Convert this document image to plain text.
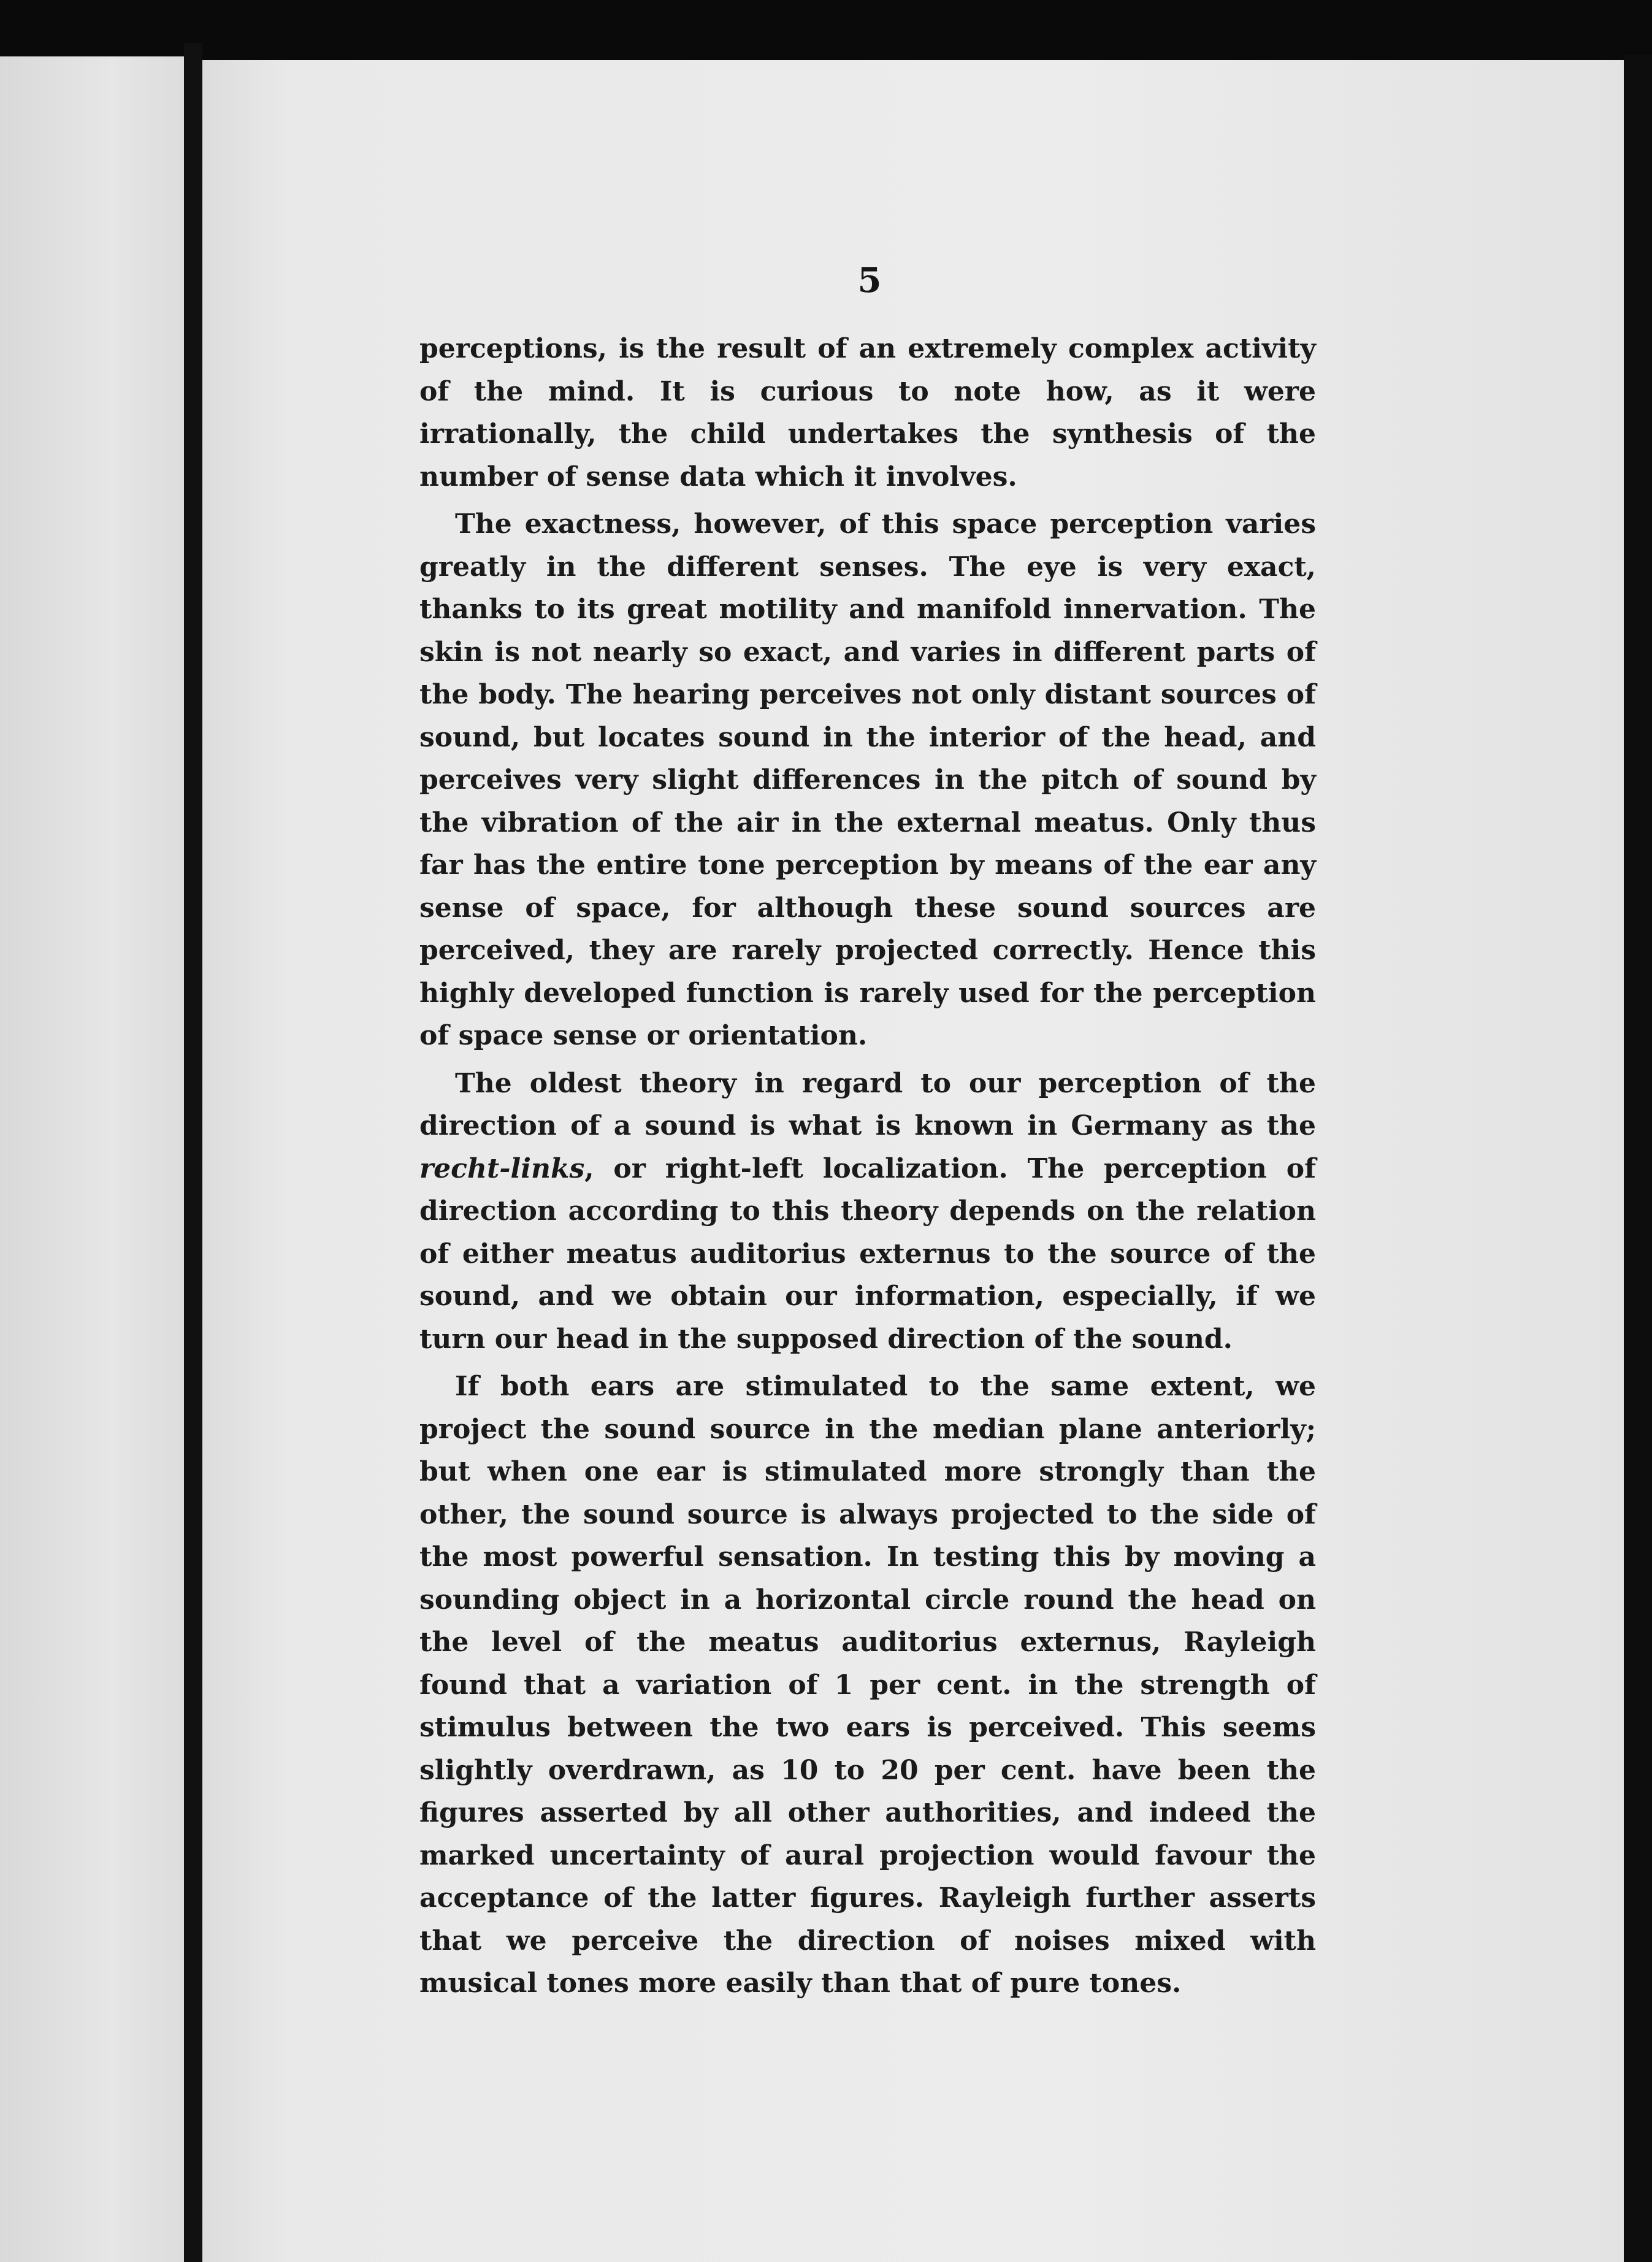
5

perceptions, is the result of an extremely complex activity of the mind. It is curious to note how, as it were irrationally, the child undertakes the synthesis of the number of sense data which it involves.

The exactness, however, of this space perception varies greatly in the different senses. The eye is very exact, thanks to its great motility and manifold innervation. The skin is not nearly so exact, and varies in different parts of the body. The hearing perceives not only distant sources of sound, but locates sound in the interior of the head, and perceives very slight differences in the pitch of sound by the vibration of the air in the external meatus. Only thus far has the entire tone perception by means of the ear any sense of space, for although these sound sources are perceived, they are rarely projected correctly. Hence this highly developed function is rarely used for the perception of space sense or orientation.

The oldest theory in regard to our perception of the direction of a sound is what is known in Germany as the recht-links, or right-left localization. The perception of direction according to this theory depends on the relation of either meatus auditorius externus to the source of the sound, and we obtain our information, especially, if we turn our head in the supposed direction of the sound.

If both ears are stimulated to the same extent, we project the sound source in the median plane anteriorly; but when one ear is stimulated more strongly than the other, the sound source is always projected to the side of the most powerful sensation. In testing this by moving a sounding object in a horizontal circle round the head on the level of the meatus auditorius externus, Rayleigh found that a variation of 1 per cent. in the strength of stimulus between the two ears is perceived. This seems slightly overdrawn, as 10 to 20 per cent. have been the figures asserted by all other authorities, and indeed the marked uncertainty of aural projection would favour the acceptance of the latter figures. Rayleigh further asserts that we perceive the direction of noises mixed with musical tones more easily than that of pure tones.
